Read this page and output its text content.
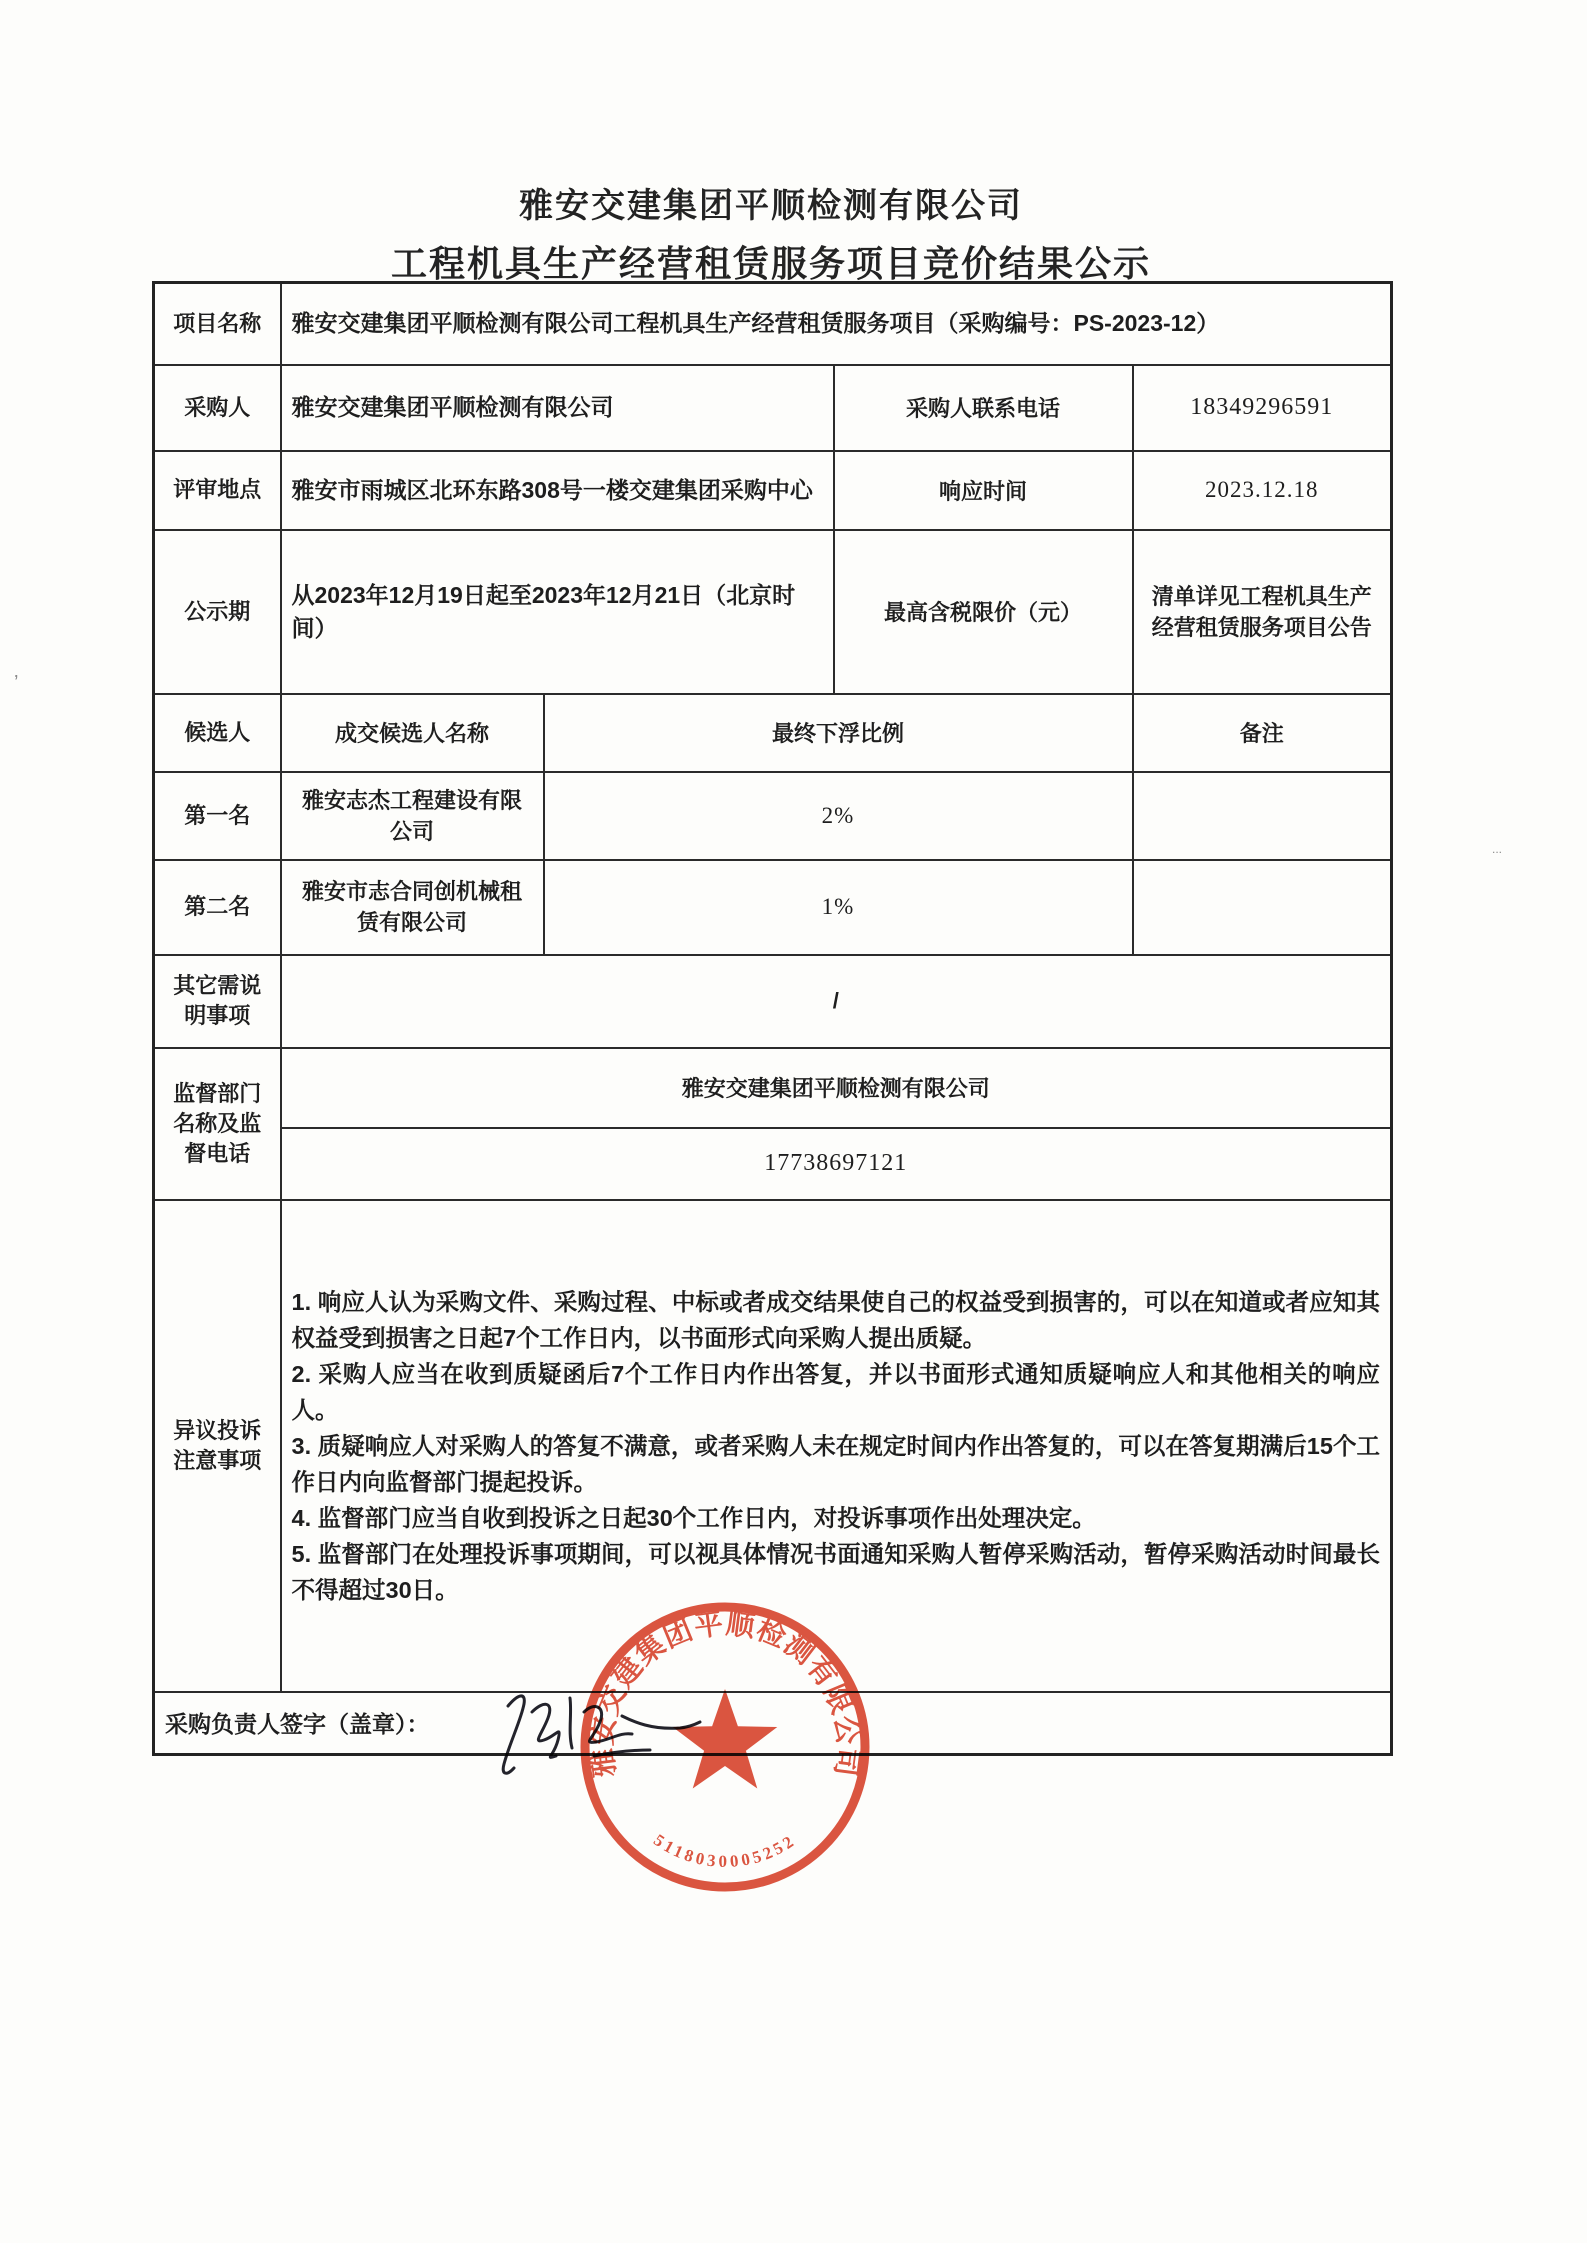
雅安交建集团平顺检测有限公司
工程机具生产经营租赁服务项目竞价结果公示
项目名称	雅安交建集团平顺检测有限公司工程机具生产经营租赁服务项目（采购编号：PS-2023-12）			
采购人	雅安交建集团平顺检测有限公司		采购人联系电话	18349296591
评审地点	雅安市雨城区北环东路308号一楼交建集团采购中心		响应时间	2023.12.18
公示期	从2023年12月19日起至2023年12月21日（北京时间）		最高含税限价（元）	清单详见工程机具生产经营租赁服务项目公告
候选人	成交候选人名称	最终下浮比例		备注
第一名	雅安志杰工程建设有限公司	2%		
第二名	雅安市志合同创机械租赁有限公司	1%		
其它需说明事项	/			
监督部门名称及监督电话	雅安交建集团平顺检测有限公司			
	17738697121			
异议投诉注意事项	1. 响应人认为采购文件、采购过程、中标或者成交结果使自己的权益受到损害的，可以在知道或者应知其权益受到损害之日起7个工作日内，以书面形式向采购人提出质疑。
2. 采购人应当在收到质疑函后7个工作日内作出答复，并以书面形式通知质疑响应人和其他相关的响应人。
3. 质疑响应人对采购人的答复不满意，或者采购人未在规定时间内作出答复的，可以在答复期满后15个工作日内向监督部门提起投诉。
4. 监督部门应当自收到投诉之日起30个工作日内，对投诉事项作出处理决定。
5. 监督部门在处理投诉事项期间，可以视具体情况书面通知采购人暂停采购活动，暂停采购活动时间最长不得超过30日。			

采购负责人签字（盖章）：				
雅安交建集团平顺检测有限公司
5118030005252
‚
...
